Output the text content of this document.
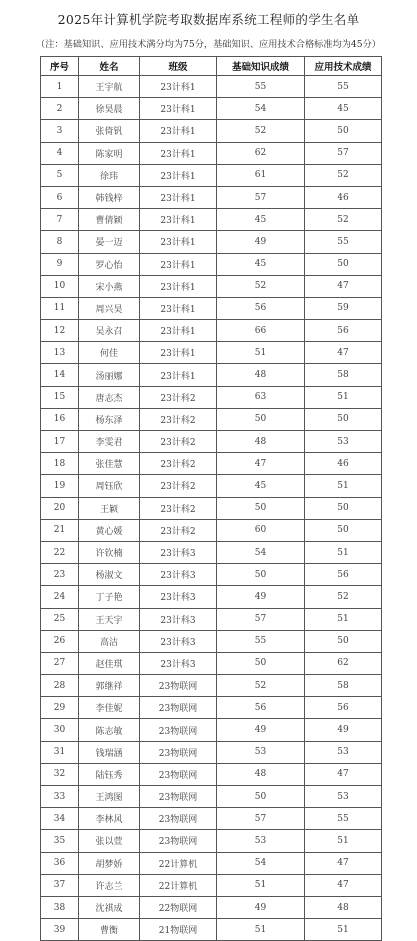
2025年计算机学院考取数据库系统工程师的学生名单
（注：基础知识、应用技术满分均为75分，基础知识、应用技术合格标准均为45分）
序号	姓名	班级	基础知识成绩	应用技术成绩
1	王宇航	23计科1	55	55
2	徐昊晨	23计科1	54	45
3	张倚钒	23计科1	52	50
4	陈家明	23计科1	62	57
5	徐玮	23计科1	61	52
6	韩钱梓	23计科1	57	46
7	曹倩颖	23计科1	45	52
8	晏一迈	23计科1	49	55
9	罗心怡	23计科1	45	50
10	宋小燕	23计科1	52	47
11	周兴昊	23计科1	56	59
12	吴永召	23计科1	66	56
13	何佳	23计科1	51	47
14	汤丽娜	23计科1	48	58
15	唐志杰	23计科2	63	51
16	杨东泽	23计科2	50	50
17	李雯君	23计科2	48	53
18	张佳慧	23计科2	47	46
19	周钰欣	23计科2	45	51
20	王颖	23计科2	50	50
21	黄心媛	23计科2	60	50
22	许钦楠	23计科3	54	51
23	杨淑文	23计科3	50	56
24	丁子艳	23计科3	49	52
25	王天宇	23计科3	57	51
26	高洁	23计科3	55	50
27	赵佳琪	23计科3	50	62
28	郭继祥	23物联网	52	58
29	李佳妮	23物联网	56	56
30	陈志敏	23物联网	49	49
31	钱瑞涵	23物联网	53	53
32	陆钰秀	23物联网	48	47
33	王鸿图	23物联网	50	53
34	李林风	23物联网	57	55
35	张以萱	23物联网	53	51
36	胡梦娇	22计算机	54	47
37	许志兰	22计算机	51	47
38	沈祺成	22物联网	49	48
39	曹衡	21物联网	51	51
